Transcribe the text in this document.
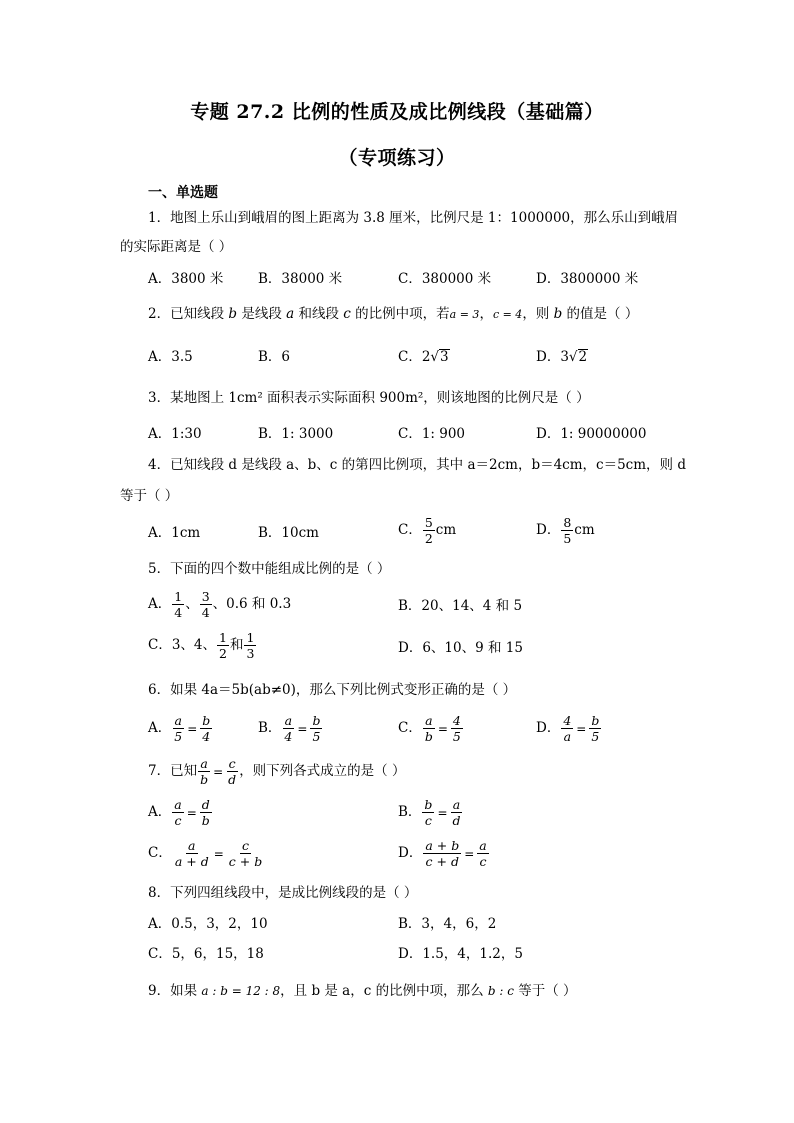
专题 27.2 比例的性质及成比例线段（基础篇）
（专项练习）
一、单选题
1．地图上乐山到峨眉的图上距离为 3.8 厘米，比例尺是 1：1000000，那么乐山到峨眉
的实际距离是（ ）
A．3800 米	B．38000 米	C．380000 米	D．3800000 米
2．已知线段 b 是线段 a 和线段 c 的比例中项，若a = 3，c = 4，则 b 的值是（ ）
A．3.5	B．6	C．2√3	D．3√2
3．某地图上 1cm² 面积表示实际面积 900m²，则该地图的比例尺是（ ）
A．1:30	B．1: 3000	C．1: 900	D．1: 90000000
4．已知线段 d 是线段 a、b、c 的第四比例项，其中 a＝2cm，b＝4cm，c＝5cm，则 d
等于（ ）
A．1cm	B．10cm	C． $\frac{5}{2}$ cm	D． $\frac{8}{5}$ cm
5．下面的四个数中能组成比例的是（ ）
A． $\frac{1}{4}$ 、 $\frac{3}{4}$ 、0.6 和 0.3	B．20、14、4 和 5
C．3、4、 $\frac{1}{2}$ 和 $\frac{1}{3}$	D．6、10、9 和 15
6．如果 4a＝5b(ab≠0)，那么下列比例式变形正确的是（ ）
A． $\frac{a}{5} = \frac{b}{4}$	B． $\frac{a}{4} = \frac{b}{5}$	C． $\frac{a}{b} = \frac{4}{5}$	D． $\frac{4}{a} = \frac{b}{5}$
7．已知 $\frac{a}{b} = \frac{c}{d}$ ，则下列各式成立的是（ ）
A． $\frac{a}{c} = \frac{d}{b}$	B． $\frac{b}{c} = \frac{a}{d}$
C． $\frac{a}{a + d} = \frac{c}{c + b}$	D． $\frac{a + b}{c + d} = \frac{a}{c}$
8．下列四组线段中，是成比例线段的是（ ）
A．0.5，3，2，10	B．3，4，6，2
C．5，6，15，18	D．1.5，4，1.2，5
9．如果 a : b = 12 : 8，且 b 是 a，c 的比例中项，那么 b : c 等于（ ）
